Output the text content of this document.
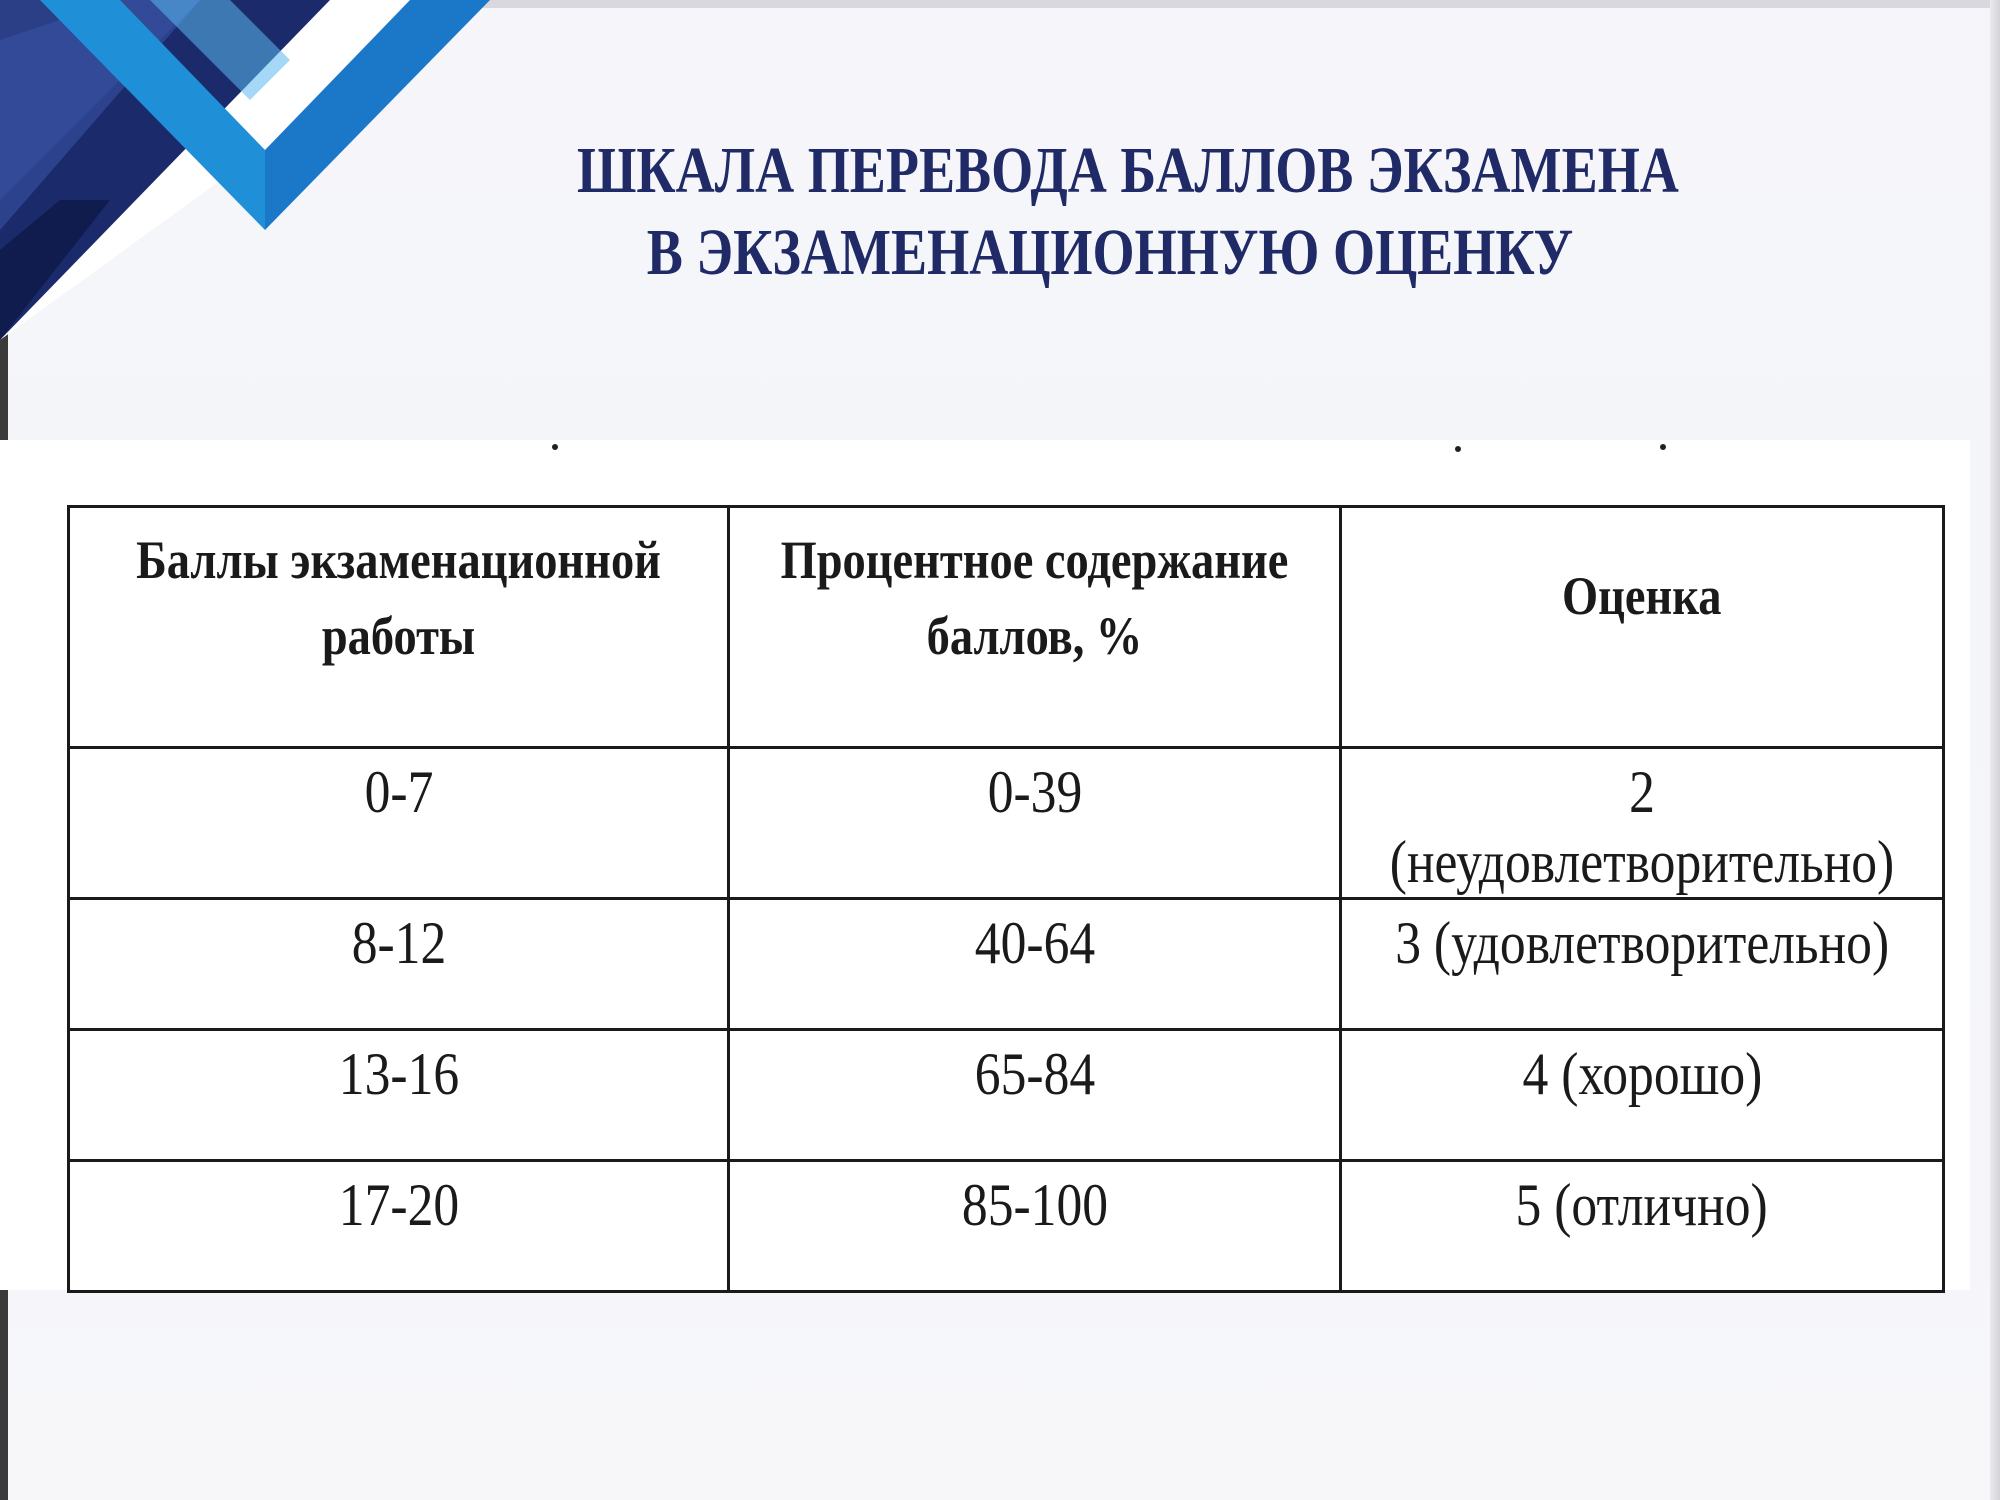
ШКАЛА ПЕРЕВОДА БАЛЛОВ ЭКЗАМЕНА
В ЭКЗАМЕНАЦИОННУЮ ОЦЕНКУ
Баллы экзаменационной работы	Процентное содержание баллов, %	Оценка
0-7	0-39	2 (неудовлетворительно)
8-12	40-64	3 (удовлетворительно)
13-16	65-84	4 (хорошо)
17-20	85-100	5 (отлично)
